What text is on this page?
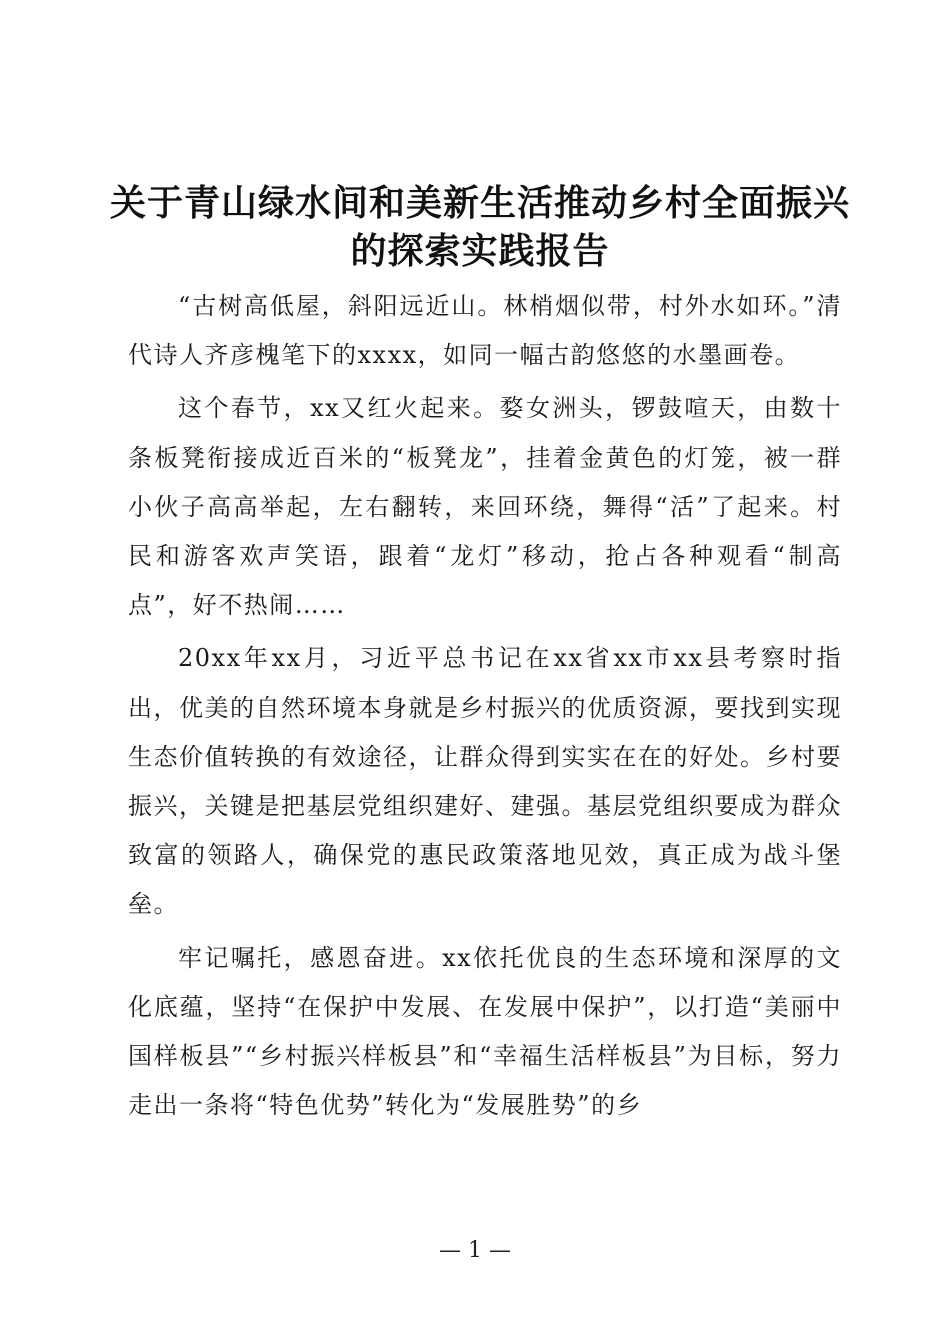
关于青山绿水间和美新生活推动乡村全面振兴
的探索实践报告

“古树高低屋，斜阳远近山。林梢烟似带，村外水如环。”清代诗人齐彦槐笔下的xxxx，如同一幅古韵悠悠的水墨画卷。

这个春节，xx又红火起来。婺女洲头，锣鼓喧天，由数十条板凳衔接成近百米的“板凳龙”，挂着金黄色的灯笼，被一群小伙子高高举起，左右翻转，来回环绕，舞得“活”了起来。村民和游客欢声笑语，跟着“龙灯”移动，抢占各种观看“制高点”，好不热闹……

20xx年xx月，习近平总书记在xx省xx市xx县考察时指出，优美的自然环境本身就是乡村振兴的优质资源，要找到实现生态价值转换的有效途径，让群众得到实实在在的好处。乡村要振兴，关键是把基层党组织建好、建强。基层党组织要成为群众致富的领路人，确保党的惠民政策落地见效，真正成为战斗堡垒。

牢记嘱托，感恩奋进。xx依托优良的生态环境和深厚的文化底蕴，坚持“在保护中发展、在发展中保护”，以打造“美丽中国样板县”“乡村振兴样板县”和“幸福生活样板县”为目标，努力走出一条将“特色优势”转化为“发展胜势”的乡

— 1 —
